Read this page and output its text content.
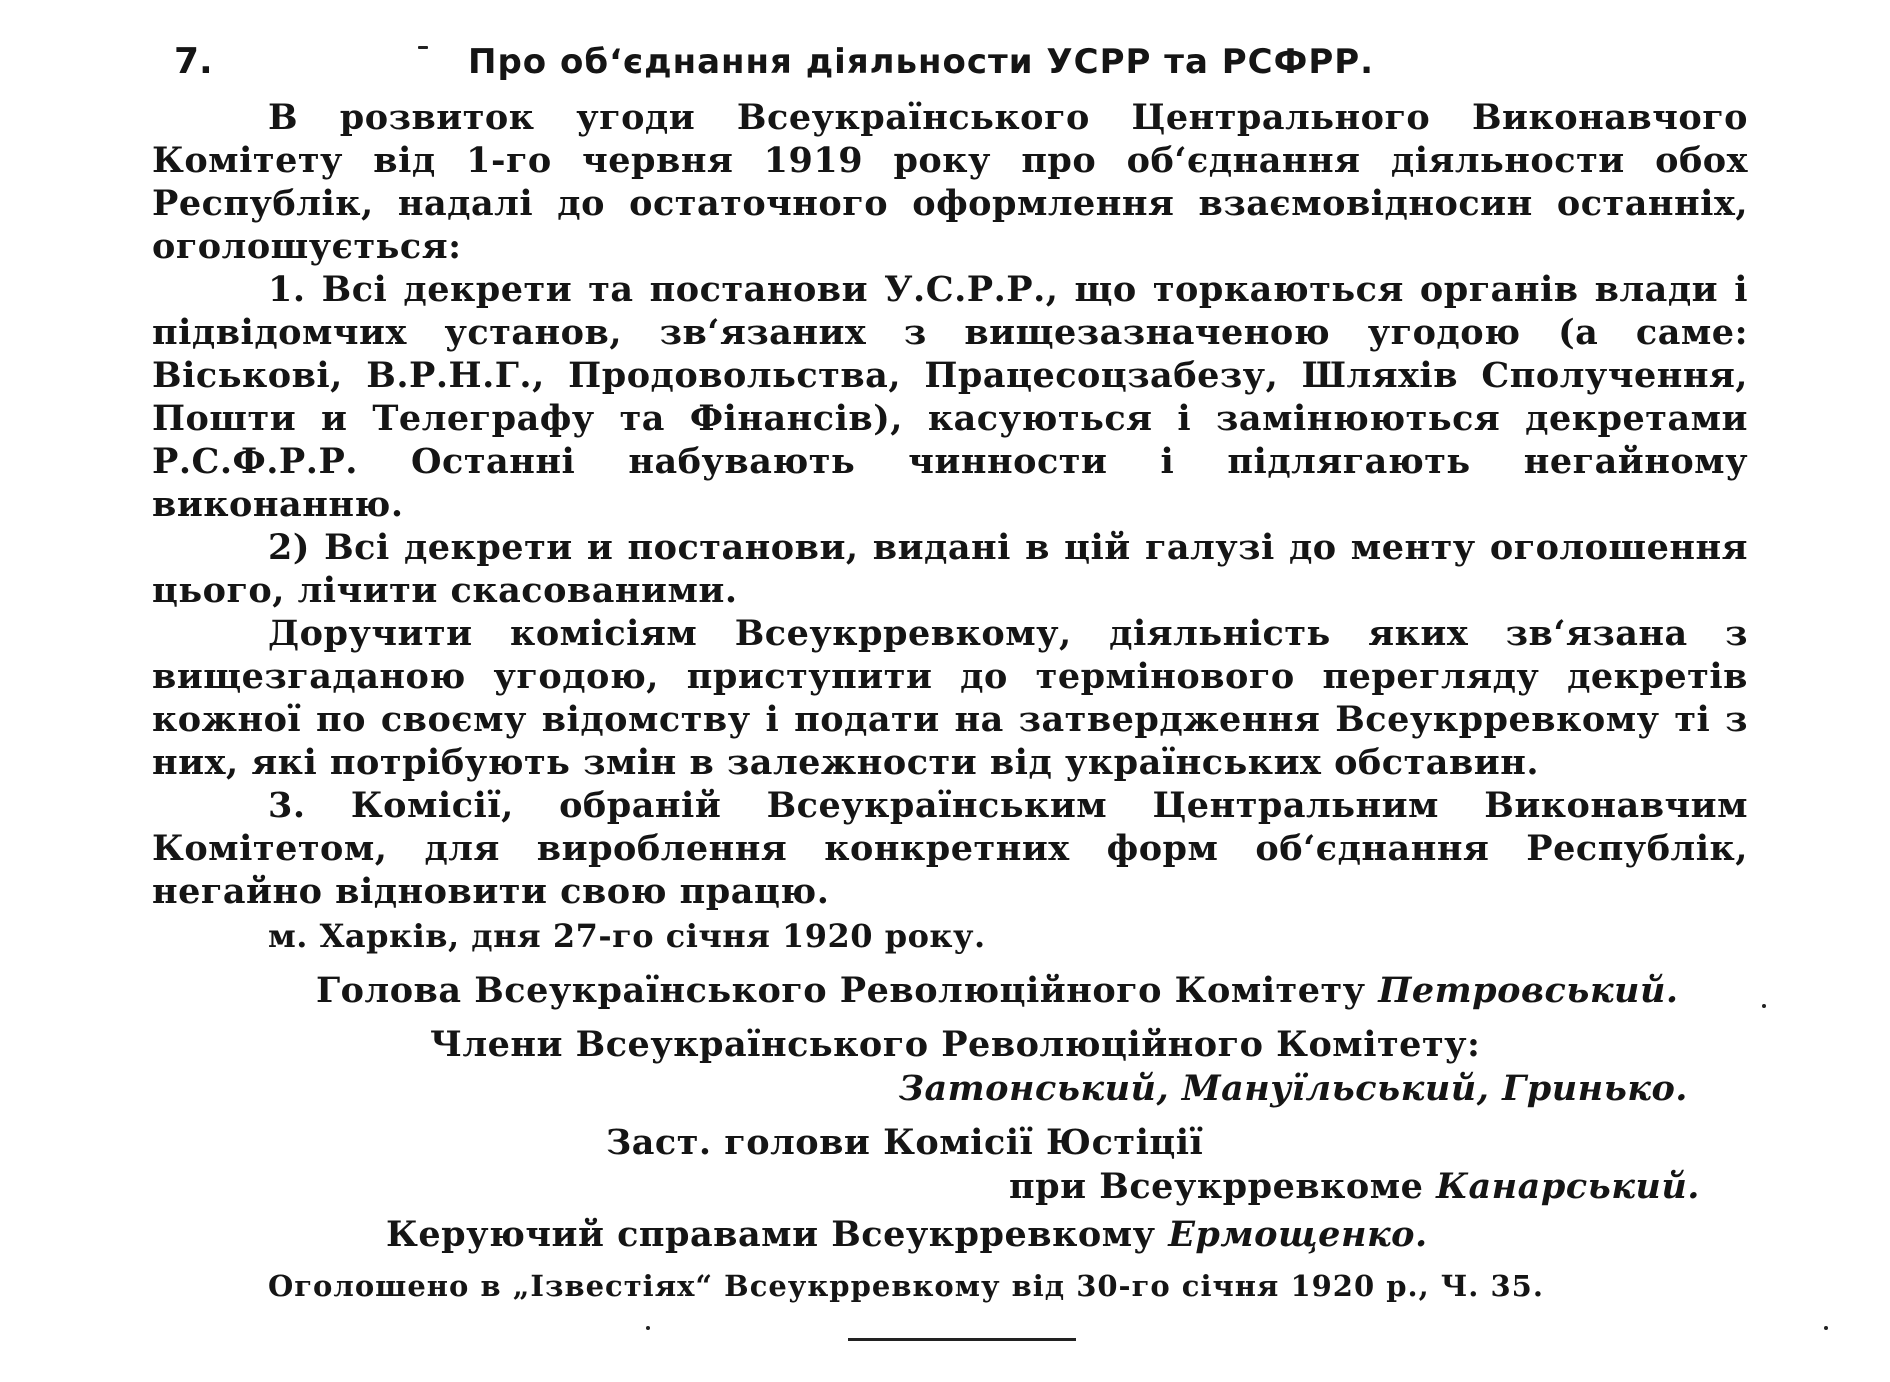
7.	Про об‘єднання діяльности УСРР та РСФРР.

В розвиток угоди Всеукраїнського Центрального Виконавчого Комітету від 1-го червня 1919 року про об‘єднання діяльности обох Республік, надалі до остаточного оформлення взаємовідносин останніх, оголошується:

1. Всі декрети та постанови У.С.Р.Р., що торкаються органів влади і підвідомчих установ, зв‘язаних з вищезазначеною угодою (а саме: Віськові, В.Р.Н.Г., Продовольства, Працесоцзабезу, Шляхів Сполучення, Пошти и Телеграфу та Фінансів), касуються і замінюються декретами Р.С.Ф.Р.Р. Останні набувають чинности і підлягають негайному виконанню.

2) Всі декрети и постанови, видані в цій галузі до менту оголошення цього, лічити скасованими.

Доручити комісіям Всеукрревкому, діяльність яких зв‘язана з вищезгаданою угодою, приступити до термінового перегляду декретів кожної по своєму відомству і подати на затвердження Всеукрревкому ті з них, які потрібують змін в залежности від українських обставин.

3. Комісії, обраній Всеукраїнським Центральним Виконавчим Комітетом, для вироблення конкретних форм об‘єднання Республік, негайно відновити свою працю.

м. Харків, дня 27-го січня 1920 року.
Голова Всеукраїнського Революційного Комітету Петровський.
Члени Всеукраїнського Революційного Комітету:
Затонський, Мануїльський, Гринько.
Заст. голови Комісії Юстіції
при Всеукрревкоме Канарський.
Керуючий справами Всеукрревкому Ермощенко.
Оголошено в „Ізвестіях“ Всеукрревкому від 30-го січня 1920 р., Ч. 35.
